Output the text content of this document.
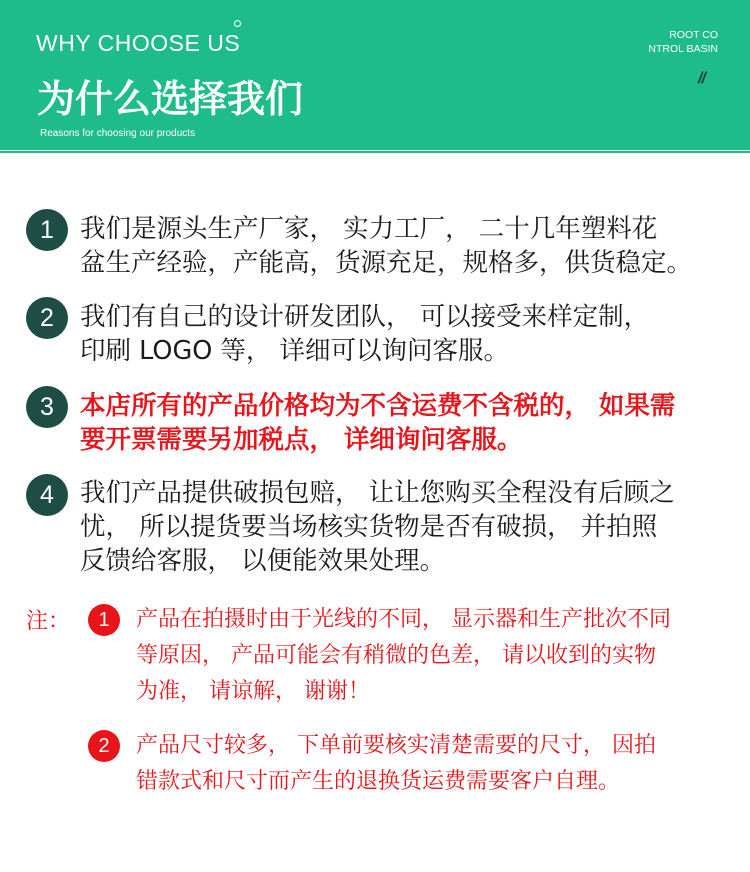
WHY CHOOSE US
为什么选择我们
Reasons for choosing our products
ROOT CO
NTROL BASIN
//
1	我们是源头生产厂家， 实力工厂， 二十几年塑料花
盆生产经验，产能高，货源充足，规格多，供货稳定。
2	我们有自己的设计研发团队， 可以接受来样定制，
印刷 LOGO 等， 详细可以询问客服。
3	本店所有的产品价格均为不含运费不含税的， 如果需
要开票需要另加税点， 详细询问客服。
4	我们产品提供破损包赔， 让让您购买全程没有后顾之
忧， 所以提货要当场核实货物是否有破损， 并拍照
反馈给客服， 以便能效果处理。
注：	1	产品在拍摄时由于光线的不同， 显示器和生产批次不同
等原因， 产品可能会有稍微的色差， 请以收到的实物
为准， 请谅解， 谢谢！
2	产品尺寸较多， 下单前要核实清楚需要的尺寸， 因拍
错款式和尺寸而产生的退换货运费需要客户自理。
